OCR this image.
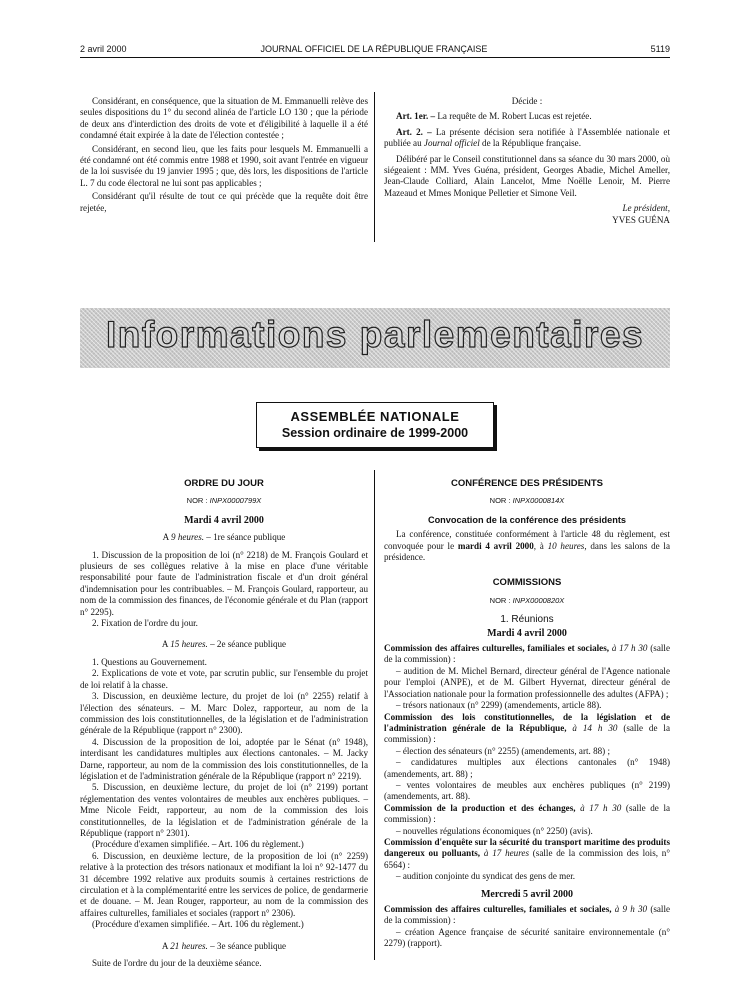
2 avril 2000	JOURNAL OFFICIEL DE LA RÉPUBLIQUE FRANÇAISE	5119

Considérant, en conséquence, que la situation de M. Emmanuelli relève des seules dispositions du 1° du second alinéa de l'article LO 130 ; que la période de deux ans d'interdiction des droits de vote et d'éligibilité à laquelle il a été condamné était expirée à la date de l'élection contestée ;

Considérant, en second lieu, que les faits pour lesquels M. Emmanuelli a été condamné ont été commis entre 1988 et 1990, soit avant l'entrée en vigueur de la loi susvisée du 19 janvier 1995 ; que, dès lors, les dispositions de l'article L. 7 du code électoral ne lui sont pas applicables ;

Considérant qu'il résulte de tout ce qui précède que la requête doit être rejetée,

Décide :

Art. 1er. – La requête de M. Robert Lucas est rejetée.

Art. 2. – La présente décision sera notifiée à l'Assemblée nationale et publiée au Journal officiel de la République française.

Délibéré par le Conseil constitutionnel dans sa séance du 30 mars 2000, où siégeaient : MM. Yves Guéna, président, Georges Abadie, Michel Ameller, Jean-Claude Colliard, Alain Lancelot, Mme Noëlle Lenoir, M. Pierre Mazeaud et Mmes Monique Pelletier et Simone Veil.

Le président,

YVES GUÉNA

Informations parlementaires
ASSEMBLÉE NATIONALE
Session ordinaire de 1999-2000
ORDRE DU JOUR
NOR : INPX0000799X
Mardi 4 avril 2000
A 9 heures. – 1re séance publique

1. Discussion de la proposition de loi (n° 2218) de M. François Goulard et plusieurs de ses collègues relative à la mise en place d'une véritable responsabilité pour faute de l'administration fiscale et d'un droit général d'indemnisation pour les contribuables. – M. François Goulard, rapporteur, au nom de la commission des finances, de l'économie générale et du Plan (rapport n° 2295).

2. Fixation de l'ordre du jour.

A 15 heures. – 2e séance publique

1. Questions au Gouvernement.

2. Explications de vote et vote, par scrutin public, sur l'ensemble du projet de loi relatif à la chasse.

3. Discussion, en deuxième lecture, du projet de loi (n° 2255) relatif à l'élection des sénateurs. – M. Marc Dolez, rapporteur, au nom de la commission des lois constitutionnelles, de la législation et de l'administration générale de la République (rapport n° 2300).

4. Discussion de la proposition de loi, adoptée par le Sénat (n° 1948), interdisant les candidatures multiples aux élections cantonales. – M. Jacky Darne, rapporteur, au nom de la commission des lois constitutionnelles, de la législation et de l'administration générale de la République (rapport n° 2219).

5. Discussion, en deuxième lecture, du projet de loi (n° 2199) portant réglementation des ventes volontaires de meubles aux enchères publiques. – Mme Nicole Feidt, rapporteur, au nom de la commission des lois constitutionnelles, de la législation et de l'administration générale de la République (rapport n° 2301).

(Procédure d'examen simplifiée. – Art. 106 du règlement.)

6. Discussion, en deuxième lecture, de la proposition de loi (n° 2259) relative à la protection des trésors nationaux et modifiant la loi n° 92-1477 du 31 décembre 1992 relative aux produits soumis à certaines restrictions de circulation et à la complémentarité entre les services de police, de gendarmerie et de douane. – M. Jean Rouger, rapporteur, au nom de la commission des affaires culturelles, familiales et sociales (rapport n° 2306).

(Procédure d'examen simplifiée. – Art. 106 du règlement.)

A 21 heures. – 3e séance publique

Suite de l'ordre du jour de la deuxième séance.

CONFÉRENCE DES PRÉSIDENTS
NOR : INPX0000814X
Convocation de la conférence des présidents

La conférence, constituée conformément à l'article 48 du règlement, est convoquée pour le mardi 4 avril 2000, à 10 heures, dans les salons de la présidence.

COMMISSIONS
NOR : INPX0000820X
1. Réunions
Mardi 4 avril 2000

Commission des affaires culturelles, familiales et sociales, à 17 h 30 (salle de la commission) :

– audition de M. Michel Bernard, directeur général de l'Agence nationale pour l'emploi (ANPE), et de M. Gilbert Hyvernat, directeur général de l'Association nationale pour la formation professionnelle des adultes (AFPA) ;

– trésors nationaux (n° 2299) (amendements, article 88).

Commission des lois constitutionnelles, de la législation et de l'administration générale de la République, à 14 h 30 (salle de la commission) :

– élection des sénateurs (n° 2255) (amendements, art. 88) ;

– candidatures multiples aux élections cantonales (n° 1948) (amendements, art. 88) ;

– ventes volontaires de meubles aux enchères publiques (n° 2199) (amendements, art. 88).

Commission de la production et des échanges, à 17 h 30 (salle de la commission) :

– nouvelles régulations économiques (n° 2250) (avis).

Commission d'enquête sur la sécurité du transport maritime des produits dangereux ou polluants, à 17 heures (salle de la commission des lois, n° 6564) :

– audition conjointe du syndicat des gens de mer.

Mercredi 5 avril 2000

Commission des affaires culturelles, familiales et sociales, à 9 h 30 (salle de la commission) :

– création Agence française de sécurité sanitaire environnementale (n° 2279) (rapport).
